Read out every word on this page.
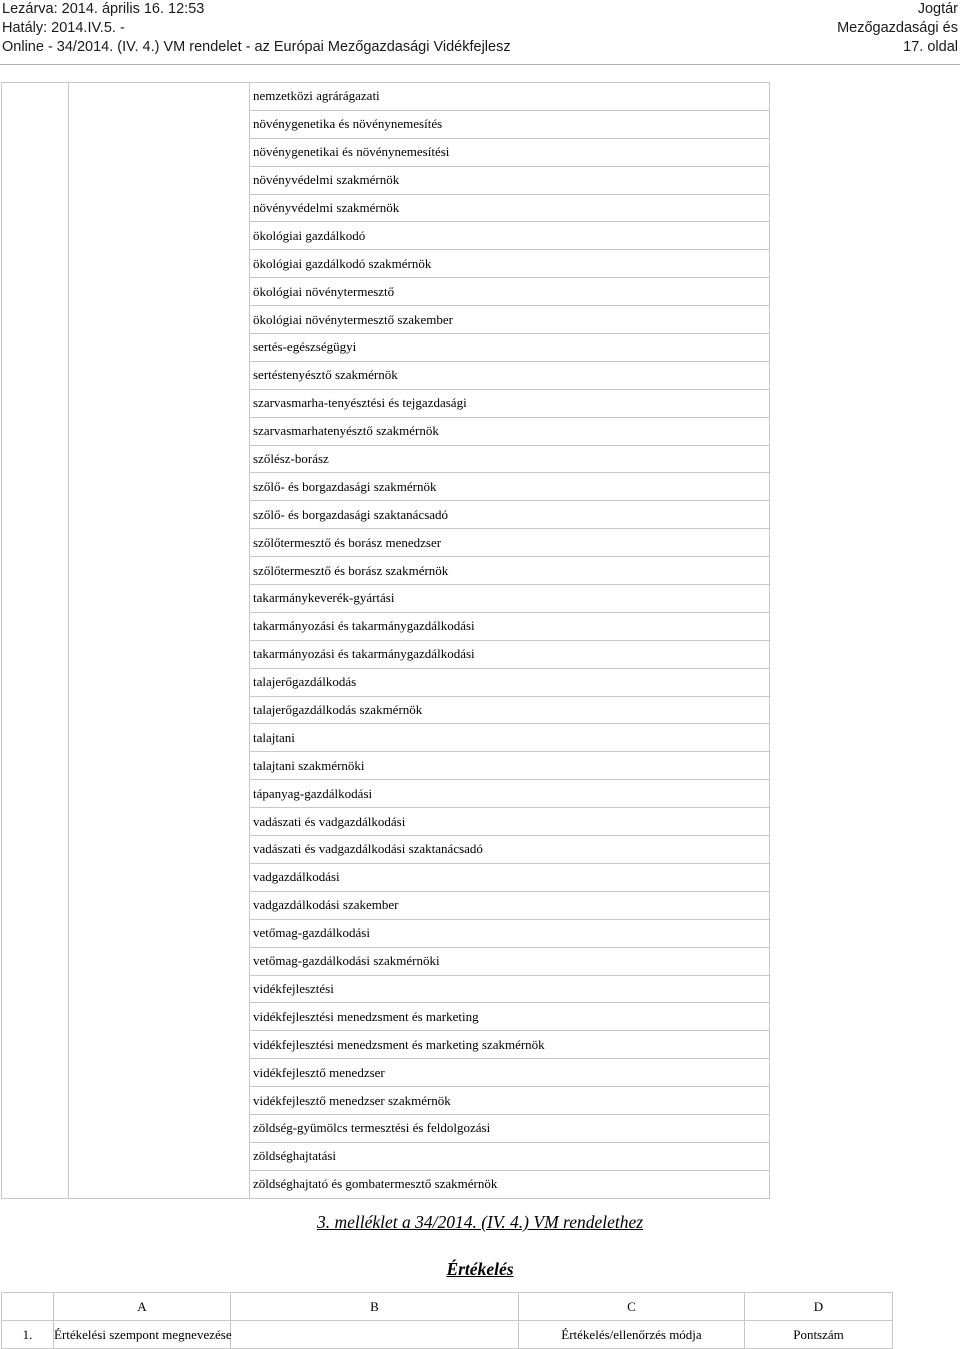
Lezárva: 2014. április 16. 12:53
Hatály: 2014.IV.5. -
Online - 34/2014. (IV. 4.) VM rendelet - az Európai Mezőgazdasági Vidékfejlesz
Jogtár
Mezőgazdasági és
17. oldal
		nemzetközi agrárágazati
		növénygenetika és növénynemesítés
		növénygenetikai és növénynemesítési
		növényvédelmi szakmérnök
		növényvédelmi szakmérnök
		ökológiai gazdálkodó
		ökológiai gazdálkodó szakmérnök
		ökológiai növénytermesztő
		ökológiai növénytermesztő szakember
		sertés-egészségügyi
		sertéstenyésztő szakmérnök
		szarvasmarha-tenyésztési és tejgazdasági
		szarvasmarhatenyésztő szakmérnök
		szőlész-borász
		szőlő- és borgazdasági szakmérnök
		szőlő- és borgazdasági szaktanácsadó
		szőlőtermesztő és borász menedzser
		szőlőtermesztő és borász szakmérnök
		takarmánykeverék-gyártási
		takarmányozási és takarmánygazdálkodási
		takarmányozási és takarmánygazdálkodási
		talajerőgazdálkodás
		talajerőgazdálkodás szakmérnök
		talajtani
		talajtani szakmérnöki
		tápanyag-gazdálkodási
		vadászati és vadgazdálkodási
		vadászati és vadgazdálkodási szaktanácsadó
		vadgazdálkodási
		vadgazdálkodási szakember
		vetőmag-gazdálkodási
		vetőmag-gazdálkodási szakmérnöki
		vidékfejlesztési
		vidékfejlesztési menedzsment és marketing
		vidékfejlesztési menedzsment és marketing szakmérnök
		vidékfejlesztő menedzser
		vidékfejlesztő menedzser szakmérnök
		zöldség-gyümölcs termesztési és feldolgozási
		zöldséghajtatási
		zöldséghajtató és gombatermesztő szakmérnök
3. melléklet a 34/2014. (IV. 4.) VM rendelethez
Értékelés
	A	B	C	D
1.	Értékelési szempont megnevezése		Értékelés/ellenőrzés módja	Pontszám
